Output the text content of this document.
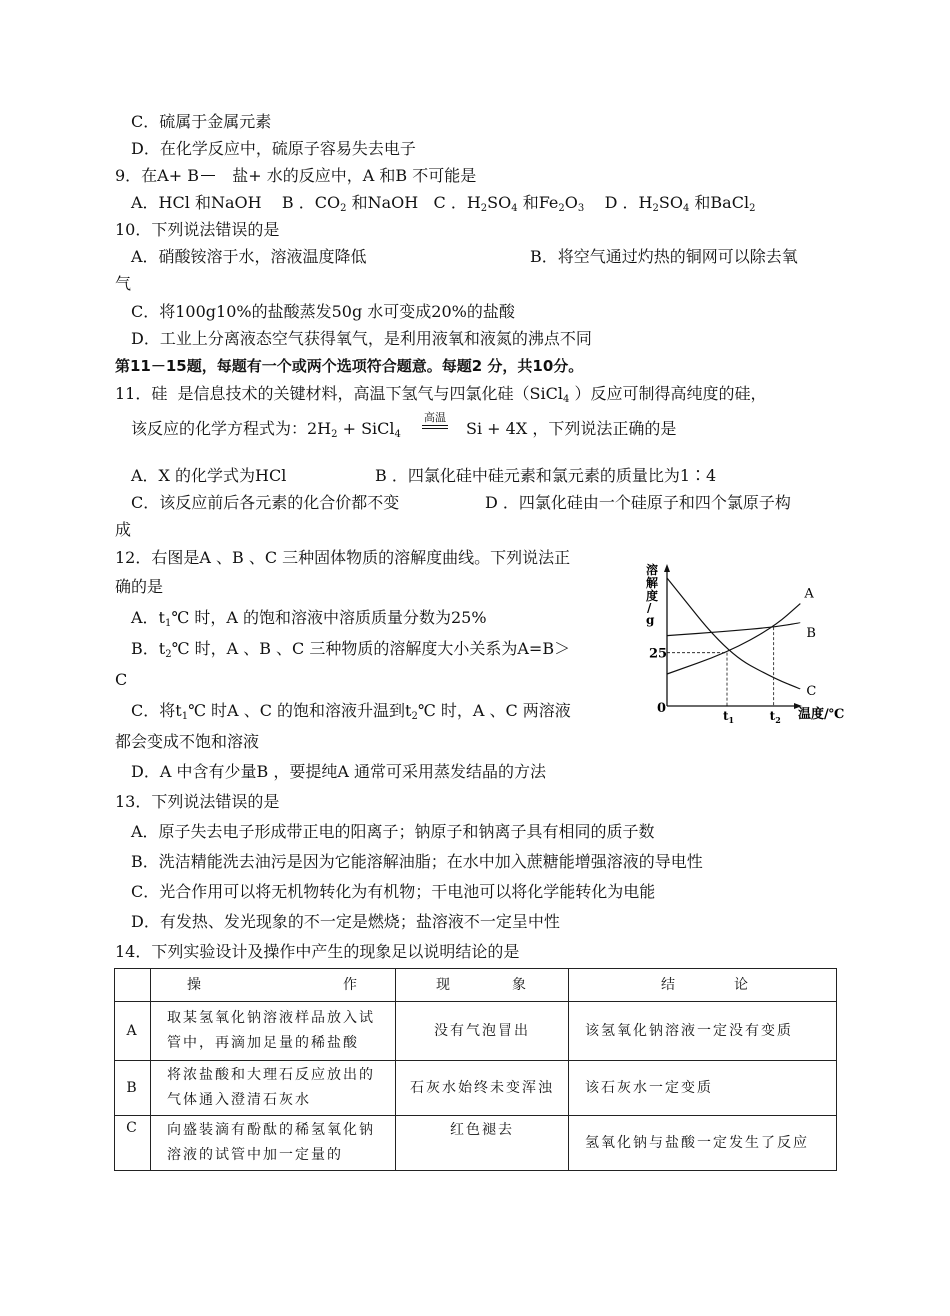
C．硫属于金属元素
D．在化学反应中，硫原子容易失去电子
9．在A+ B 盐+ 水的反应中，A 和B 不可能是
A．HCl 和NaOH B ．$CO_2$ 和NaOH C ．$H_2SO_4$ 和$Fe_2O_3$ D ．$H_2SO_4$ 和BaCl$_2$
10．下列说法错误的是
A．硝酸铵溶于水，溶液温度降低	B．将空气通过灼热的铜网可以除去氧
气
C．将100g10%的盐酸蒸发50g 水可变成20%的盐酸
D．工业上分离液态空气获得氧气，是利用液氧和液氮的沸点不同
第11－15题，每题有一个或两个选项符合题意。每题2 分，共10分。
11．硅 是信息技术的关键材料，高温下氢气与四氯化硅（SiCl$_4$ ）反应可制得高纯度的硅，
该反应的化学方程式为：$2H_2$ + SiCl$_4$
高温
Si + 4X ，下列说法正确的是
A．X 的化学式为HCl	B ．四氯化硅中硅元素和氯元素的质量比为1∶4
C．该反应前后各元素的化合价都不变	D ．四氯化硅由一个硅原子和四个氯原子构
成
12．右图是A 、B 、C 三种固体物质的溶解度曲线。下列说法正
确的是
A．$t_1℃$ 时，A 的饱和溶液中溶质质量分数为25%
B．$t_2℃$ 时，A 、B 、C 三种物质的溶解度大小关系为A=B＞
C
C．将$t_1℃$ 时A 、C 的饱和溶液升温到$t_2℃$ 时，A 、C 两溶液
都会变成不饱和溶液
D．A 中含有少量B ，要提纯A 通常可采用蒸发结晶的方法
溶
解
度
/
g
A
B
C
25
0	$t_1$	$t_2$ 温度/℃
13．下列说法错误的是
A．原子失去电子形成带正电的阳离子；钠原子和钠离子具有相同的质子数
B．洗洁精能洗去油污是因为它能溶解油脂；在水中加入蔗糖能增强溶液的导电性
C．光合作用可以将无机物转化为有机物；干电池可以将化学能转化为电能
D．有发热、发光现象的不一定是燃烧；盐溶液不一定呈中性
14．下列实验设计及操作中产生的现象足以说明结论的是

	操 作	现 象	结 论

A	取某氢氧化钠溶液样品放入试管中，再滴加足量的稀盐酸	没有气泡冒出	该氢氧化钠溶液一定没有变质
B	将浓盐酸和大理石反应放出的气体通入澄清石灰水	石灰水始终未变浑浊	该石灰水一定变质
C	向盛装滴有酚酞的稀氢氧化钠溶液的试管中加一定量的	红色褪去	氢氧化钠与盐酸一定发生了反应
